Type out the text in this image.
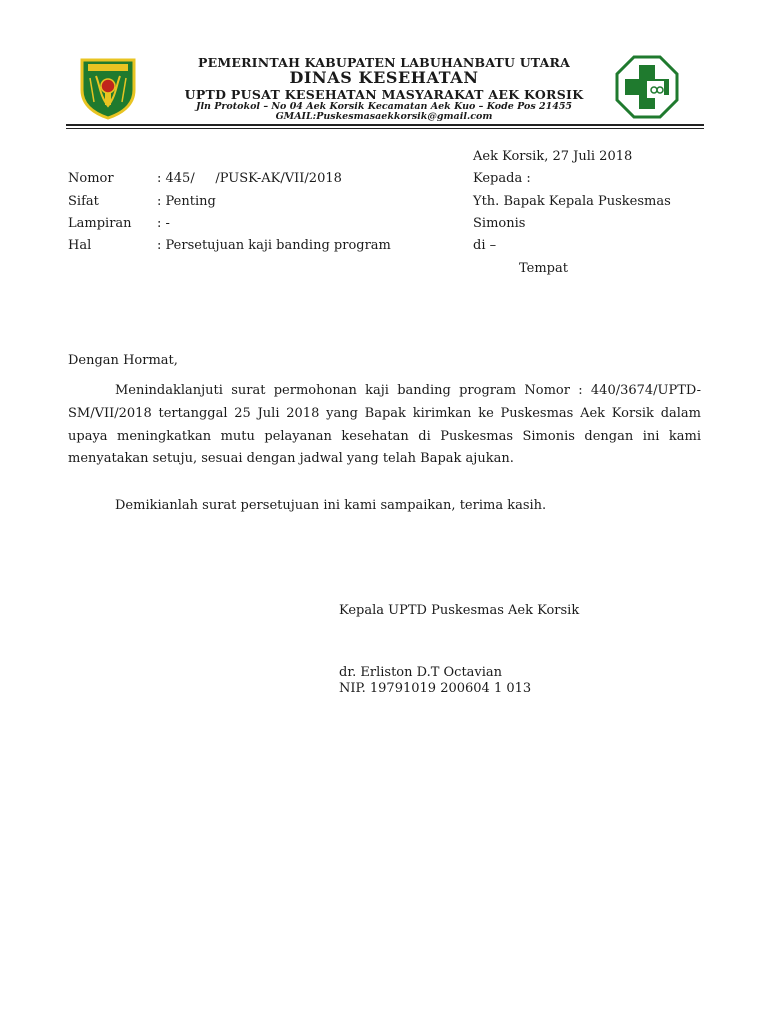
PEMERINTAH KABUPATEN LABUHANBATU UTARA
DINAS KESEHATAN
UPTD PUSAT KESEHATAN MASYARAKAT AEK KORSIK
Jln Protokol – No 04 Aek Korsik Kecamatan Aek Kuo – Kode Pos 21455
GMAIL:Puskesmasaekkorsik@gmail.com
Aek Korsik, 27 Juli 2018
Nomor	: 445/     /PUSK-AK/VII/2018
Sifat	: Penting
Lampiran : -
Hal	: Persetujuan kaji banding program
Kepada :
Yth. Bapak Kepala Puskesmas
Simonis
di –
Tempat
Dengan Hormat,

Menindaklanjuti surat permohonan kaji banding program Nomor : 440/3674/UPTD-SM/VII/2018 tertanggal 25 Juli 2018 yang Bapak kirimkan ke Puskesmas Aek Korsik dalam upaya meningkatkan mutu pelayanan kesehatan di Puskesmas Simonis dengan ini kami menyatakan setuju, sesuai dengan jadwal yang telah Bapak ajukan.

Demikianlah surat persetujuan ini kami sampaikan, terima kasih.

Kepala UPTD Puskesmas Aek Korsik
dr. Erliston D.T Octavian
NIP. 19791019 200604 1 013
